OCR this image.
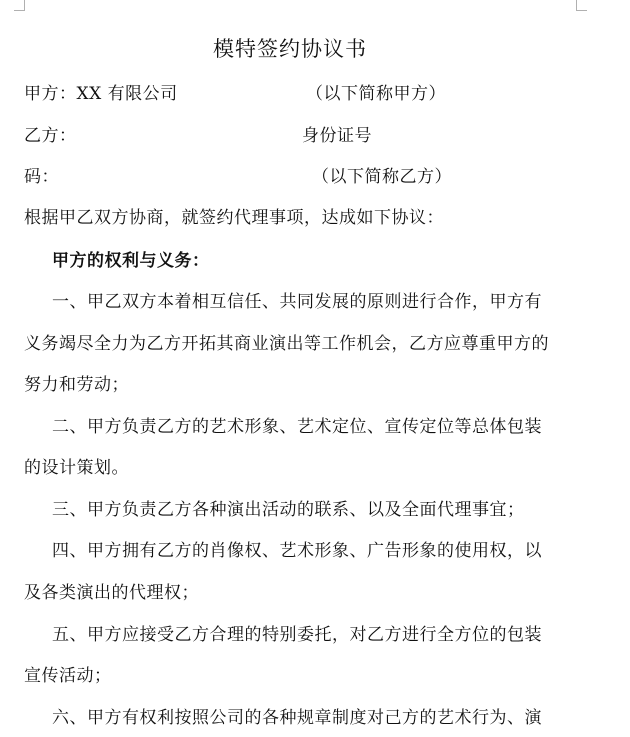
模特签约协议书
甲方：XX 有限公司	（以下简称甲方）
乙方：	身份证号
码：	（以下简称乙方）
根据甲乙双方协商，就签约代理事项，达成如下协议：
甲方的权利与义务：
一、甲乙双方本着相互信任、共同发展的原则进行合作，甲方有
义务竭尽全力为乙方开拓其商业演出等工作机会，乙方应尊重甲方的
努力和劳动；
二、甲方负责乙方的艺术形象、艺术定位、宣传定位等总体包装
的设计策划。
三、甲方负责乙方各种演出活动的联系、以及全面代理事宜；
四、甲方拥有乙方的肖像权、艺术形象、广告形象的使用权，以
及各类演出的代理权；
五、甲方应接受乙方合理的特别委托，对乙方进行全方位的包装
宣传活动；
六、甲方有权利按照公司的各种规章制度对己方的艺术行为、演
